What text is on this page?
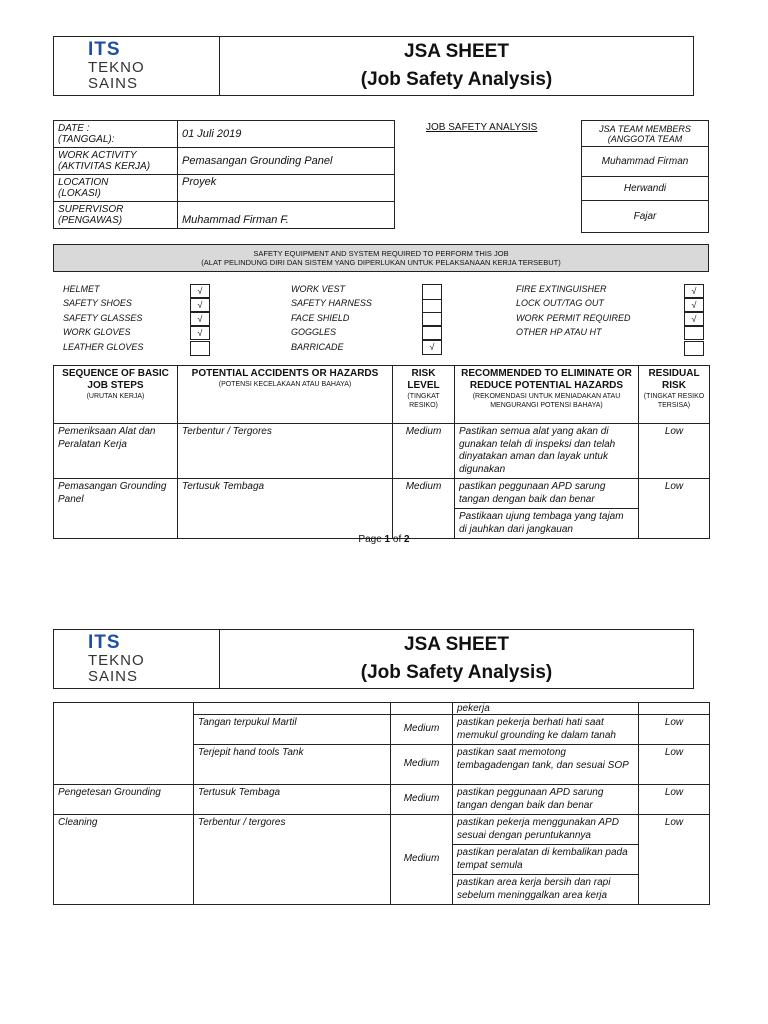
ITS
TEKNO
SAINS
JSA SHEET
(Job Safety Analysis)
DATE :
(TANGGAL):	01 Juli 2019
WORK ACTIVITY
(AKTIVITAS KERJA)	Pemasangan Grounding Panel
LOCATION
(LOKASI)	Proyek
SUPERVISOR
(PENGAWAS)	Muhammad Firman F.
JOB SAFETY ANALYSIS	JSA TEAM MEMBERS
(ANGGOTA TEAM
Muhammad Firman
Herwandi
Fajar
SAFETY EQUIPMENT AND SYSTEM REQUIRED TO PERFORM THIS JOB
(ALAT PELINDUNG DIRI DAN SISTEM YANG DIPERLUKAN UNTUK PELAKSANAAN KERJA TERSEBUT)
HELMET	√
SAFETY SHOES	√
SAFETY GLASSES	√
WORK GLOVES	√
LEATHER GLOVES
WORK VEST
SAFETY HARNESS
FACE SHIELD
GOGGLES
BARRICADE	√
FIRE EXTINGUISHER	√
LOCK OUT/TAG OUT	√
WORK PERMIT REQUIRED	√
OTHER HP ATAU HT
SEQUENCE OF BASIC JOB STEPS
(URUTAN KERJA)	POTENTIAL ACCIDENTS OR HAZARDS
(POTENSI KECELAKAAN ATAU BAHAYA)	RISK LEVEL
(TINGKAT RESIKO)	RECOMMENDED TO ELIMINATE OR REDUCE POTENTIAL HAZARDS
(REKOMENDASI UNTUK MENIADAKAN ATAU MENGURANGI POTENSI BAHAYA)	RESIDUAL RISK
(TINGKAT RESIKO TERSISA)

Pemeriksaan Alat dan Peralatan Kerja	Terbentur / Tergores	Medium	Pastikan semua alat yang akan di gunakan telah di inspeksi dan telah dinyatakan aman dan layak untuk digunakan	Low
Pemasangan Grounding Panel	Tertusuk Tembaga	Medium	pastikan peggunaan APD sarung tangan dengan baik dan benar	Low
			Pastikaan ujung tembaga yang tajam di jauhkan dari jangkauan	
Page 1 of 2
ITS
TEKNO
SAINS
JSA SHEET
(Job Safety Analysis)
			pekerja	
	Tangan terpukul Martil	Medium	pastikan pekerja berhati hati saat memukul grounding ke dalam tanah	Low
	Terjepit hand tools Tank	Medium	pastikan saat memotong tembagadengan tank, dan sesuai SOP	Low
Pengetesan Grounding	Tertusuk Tembaga	Medium	pastikan peggunaan APD sarung tangan dengan baik dan benar	Low
Cleaning	Terbentur / tergores	Medium	pastikan pekerja menggunakan APD sesuai dengan peruntukannya	Low
			pastikan peralatan di kembalikan pada tempat semula	
			pastikan area kerja bersih dan rapi sebelum meninggalkan area kerja	
